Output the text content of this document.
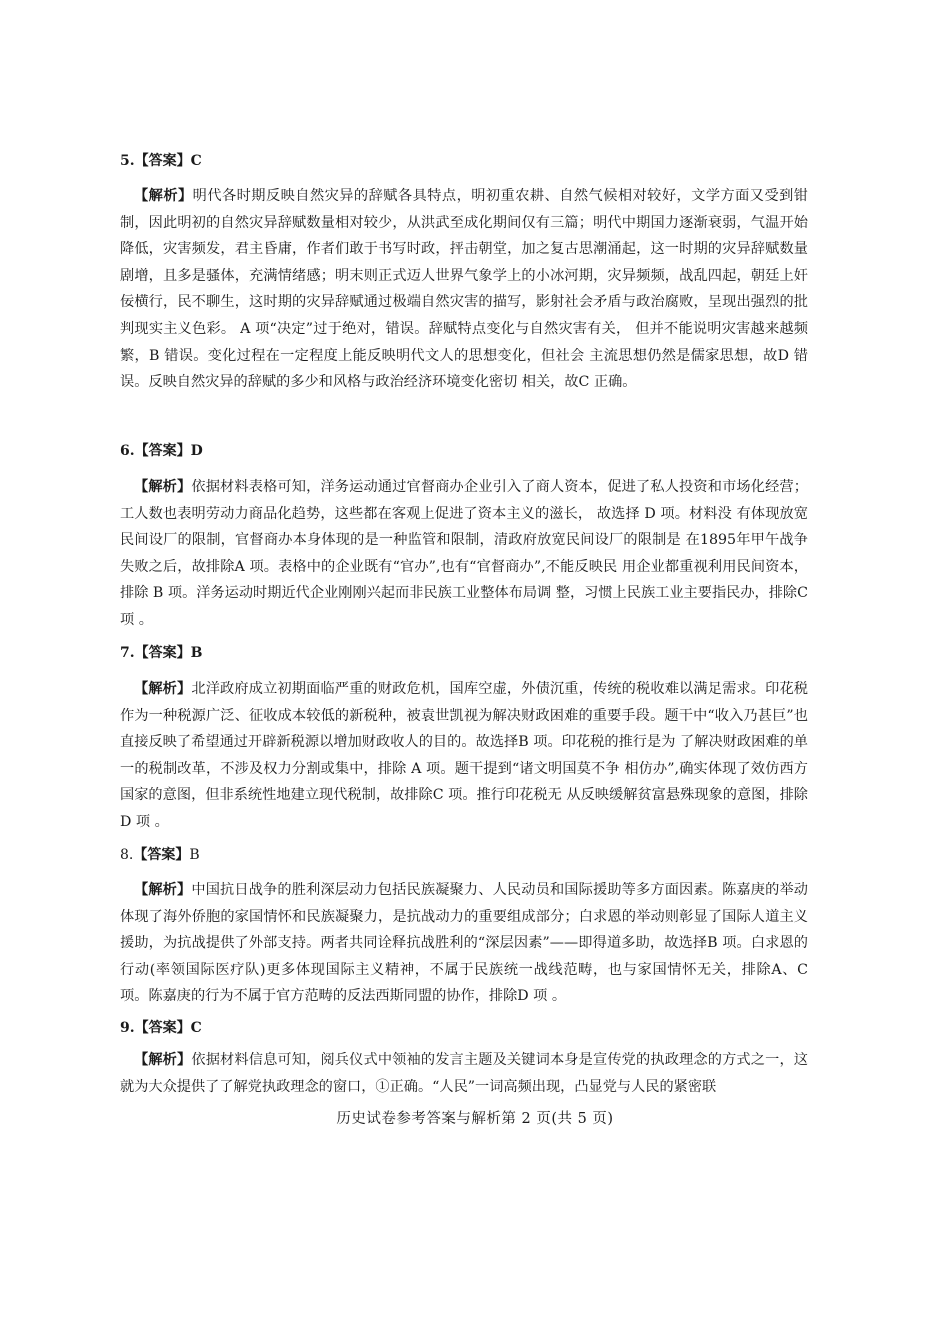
5.【答案】C
【解析】明代各时期反映自然灾异的辞赋各具特点，明初重农耕、自然气候相对较好，文学方面又受到钳制，因此明初的自然灾异辞赋数量相对较少，从洪武至成化期间仅有三篇；明代中期国力逐渐衰弱，气温开始降低，灾害频发，君主昏庸，作者们敢于书写时政，抨击朝堂，加之复古思潮涌起，这一时期的灾异辞赋数量剧增，且多是骚体，充满情绪感；明末则正式迈人世界气象学上的小冰河期，灾异频频，战乱四起，朝廷上奸佞横行，民不聊生，这时期的灾异辞赋通过极端自然灾害的描写，影射社会矛盾与政治腐败，呈现出强烈的批判现实主义色彩。 A 项“决定”过于绝对，错误。辞赋特点变化与自然灾害有关， 但并不能说明灾害越来越频繁，B 错误。变化过程在一定程度上能反映明代文人的思想变化，但社会 主流思想仍然是儒家思想，故D 错误。反映自然灾异的辞赋的多少和风格与政治经济环境变化密切 相关，故C 正确。
6.【答案】D
【解析】依据材料表格可知，洋务运动通过官督商办企业引入了商人资本，促进了私人投资和市场化经营；工人数也表明劳动力商品化趋势，这些都在客观上促进了资本主义的滋长， 故选择 D 项。材料没 有体现放宽民间设厂的限制，官督商办本身体现的是一种监管和限制，清政府放宽民间设厂的限制是 在1895年甲午战争失败之后，故排除A 项。表格中的企业既有“官办”,也有“官督商办”,不能反映民 用企业都重视利用民间资本，排除 B 项。洋务运动时期近代企业刚刚兴起而非民族工业整体布局调 整，习惯上民族工业主要指民办，排除C 项 。
7.【答案】B
【解析】北洋政府成立初期面临严重的财政危机，国库空虚，外债沉重，传统的税收难以满足需求。印花税作为一种税源广泛、征收成本较低的新税种，被袁世凯视为解决财政困难的重要手段。题干中“收入乃甚巨”也直接反映了希望通过开辟新税源以增加财政收人的目的。故选择B 项。印花税的推行是为 了解决财政困难的单一的税制改革，不涉及权力分割或集中，排除 A 项。题干提到“诸文明国莫不争 相仿办”,确实体现了效仿西方国家的意图，但非系统性地建立现代税制，故排除C 项。推行印花税无 从反映缓解贫富悬殊现象的意图，排除D 项 。
8.【答案】B
【解析】中国抗日战争的胜利深层动力包括民族凝聚力、人民动员和国际援助等多方面因素。陈嘉庚的举动体现了海外侨胞的家国情怀和民族凝聚力，是抗战动力的重要组成部分；白求恩的举动则彰显了国际人道主义援助，为抗战提供了外部支持。两者共同诠释抗战胜利的“深层因素”——即得道多助，故选择B 项。白求恩的行动(率领国际医疗队)更多体现国际主义精神，不属于民族统一战线范畴，也与家国情怀无关，排除A、C 项。陈嘉庚的行为不属于官方范畴的反法西斯同盟的协作，排除D 项 。
9.【答案】C
【解析】依据材料信息可知，阅兵仪式中领袖的发言主题及关键词本身是宣传党的执政理念的方式之一，这就为大众提供了了解党执政理念的窗口，①正确。“人民”一词高频出现，凸显党与人民的紧密联
历史试卷参考答案与解析第 2 页(共 5 页)
